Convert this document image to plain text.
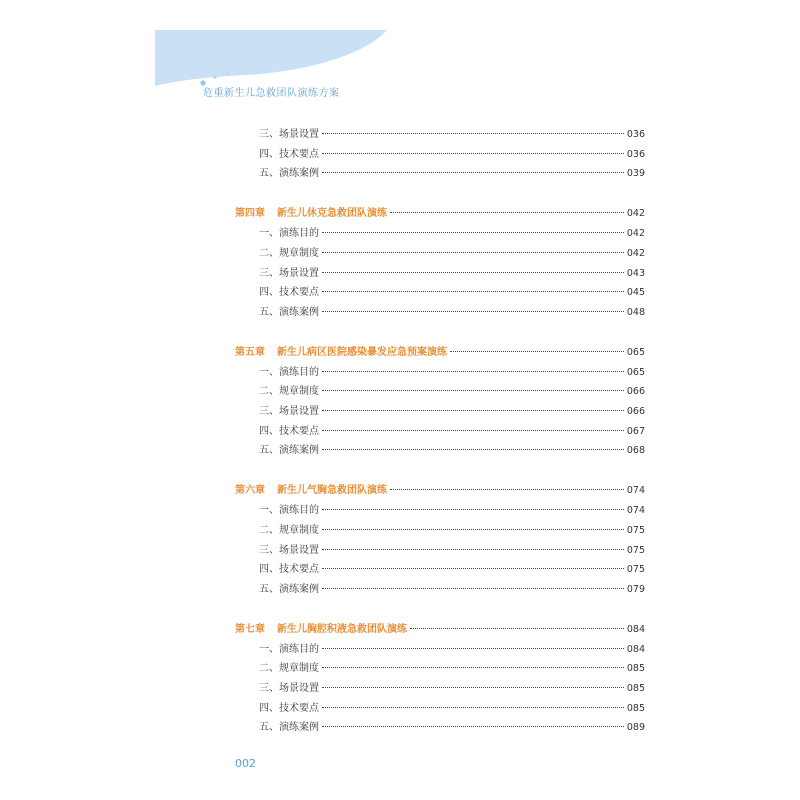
危重新生儿急救团队演练方案
三、场景设置	036
四、技术要点	036
五、演练案例	039
第四章 新生儿休克急救团队演练	042
一、演练目的	042
二、规章制度	042
三、场景设置	043
四、技术要点	045
五、演练案例	048
第五章 新生儿病区医院感染暴发应急预案演练	065
一、演练目的	065
二、规章制度	066
三、场景设置	066
四、技术要点	067
五、演练案例	068
第六章 新生儿气胸急救团队演练	074
一、演练目的	074
二、规章制度	075
三、场景设置	075
四、技术要点	075
五、演练案例	079
第七章 新生儿胸腔积液急救团队演练	084
一、演练目的	084
二、规章制度	085
三、场景设置	085
四、技术要点	085
五、演练案例	089
002
